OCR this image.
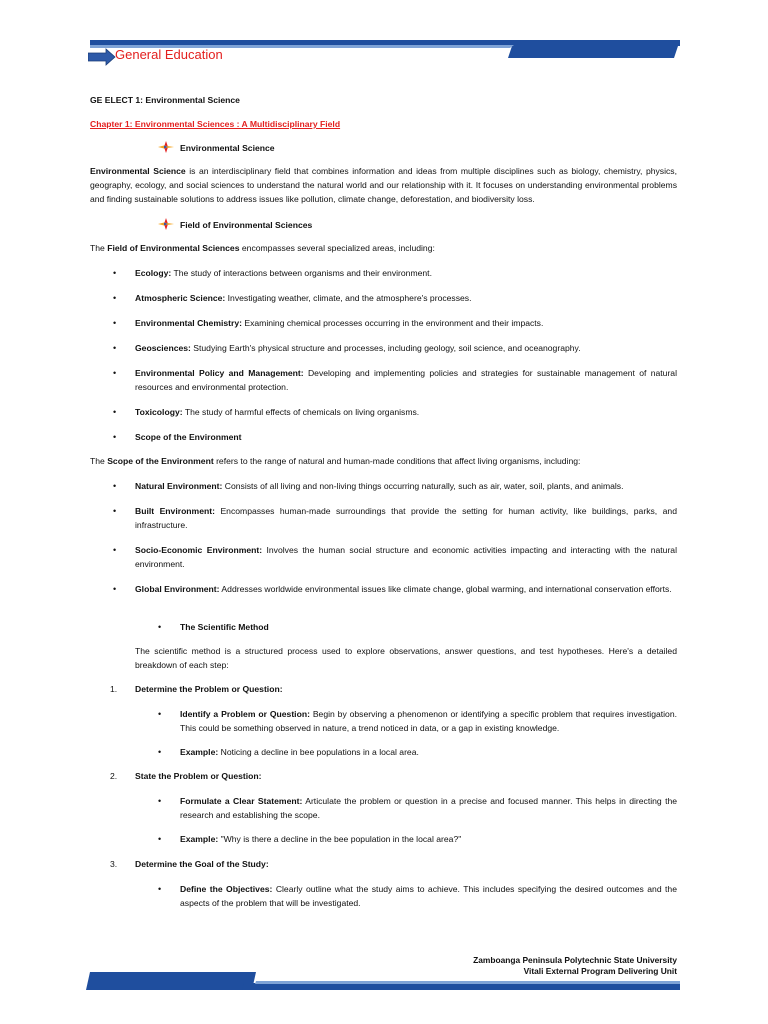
General Education
GE ELECT 1: Environmental Science
Chapter 1: Environmental Sciences : A Multidisciplinary Field
Environmental Science
Environmental Science is an interdisciplinary field that combines information and ideas from multiple disciplines such as biology, chemistry, physics, geography, ecology, and social sciences to understand the natural world and our relationship with it. It focuses on understanding environmental problems and finding sustainable solutions to address issues like pollution, climate change, deforestation, and biodiversity loss.
Field of Environmental Sciences
The Field of Environmental Sciences encompasses several specialized areas, including:
• Ecology: The study of interactions between organisms and their environment.
• Atmospheric Science: Investigating weather, climate, and the atmosphere's processes.
• Environmental Chemistry: Examining chemical processes occurring in the environment and their impacts.
• Geosciences: Studying Earth's physical structure and processes, including geology, soil science, and oceanography.
• Environmental Policy and Management: Developing and implementing policies and strategies for sustainable management of natural resources and environmental protection.
• Toxicology: The study of harmful effects of chemicals on living organisms.
• Scope of the Environment
The Scope of the Environment refers to the range of natural and human-made conditions that affect living organisms, including:
• Natural Environment: Consists of all living and non-living things occurring naturally, such as air, water, soil, plants, and animals.
• Built Environment: Encompasses human-made surroundings that provide the setting for human activity, like buildings, parks, and infrastructure.
• Socio-Economic Environment: Involves the human social structure and economic activities impacting and interacting with the natural environment.
• Global Environment: Addresses worldwide environmental issues like climate change, global warming, and international conservation efforts.
• The Scientific Method
The scientific method is a structured process used to explore observations, answer questions, and test hypotheses. Here's a detailed breakdown of each step:
1. Determine the Problem or Question:
• Identify a Problem or Question: Begin by observing a phenomenon or identifying a specific problem that requires investigation. This could be something observed in nature, a trend noticed in data, or a gap in existing knowledge.
• Example: Noticing a decline in bee populations in a local area.
2. State the Problem or Question:
• Formulate a Clear Statement: Articulate the problem or question in a precise and focused manner. This helps in directing the research and establishing the scope.
• Example: "Why is there a decline in the bee population in the local area?"
3. Determine the Goal of the Study:
• Define the Objectives: Clearly outline what the study aims to achieve. This includes specifying the desired outcomes and the aspects of the problem that will be investigated.
Zamboanga Peninsula Polytechnic State University
Vitali External Program Delivering Unit
